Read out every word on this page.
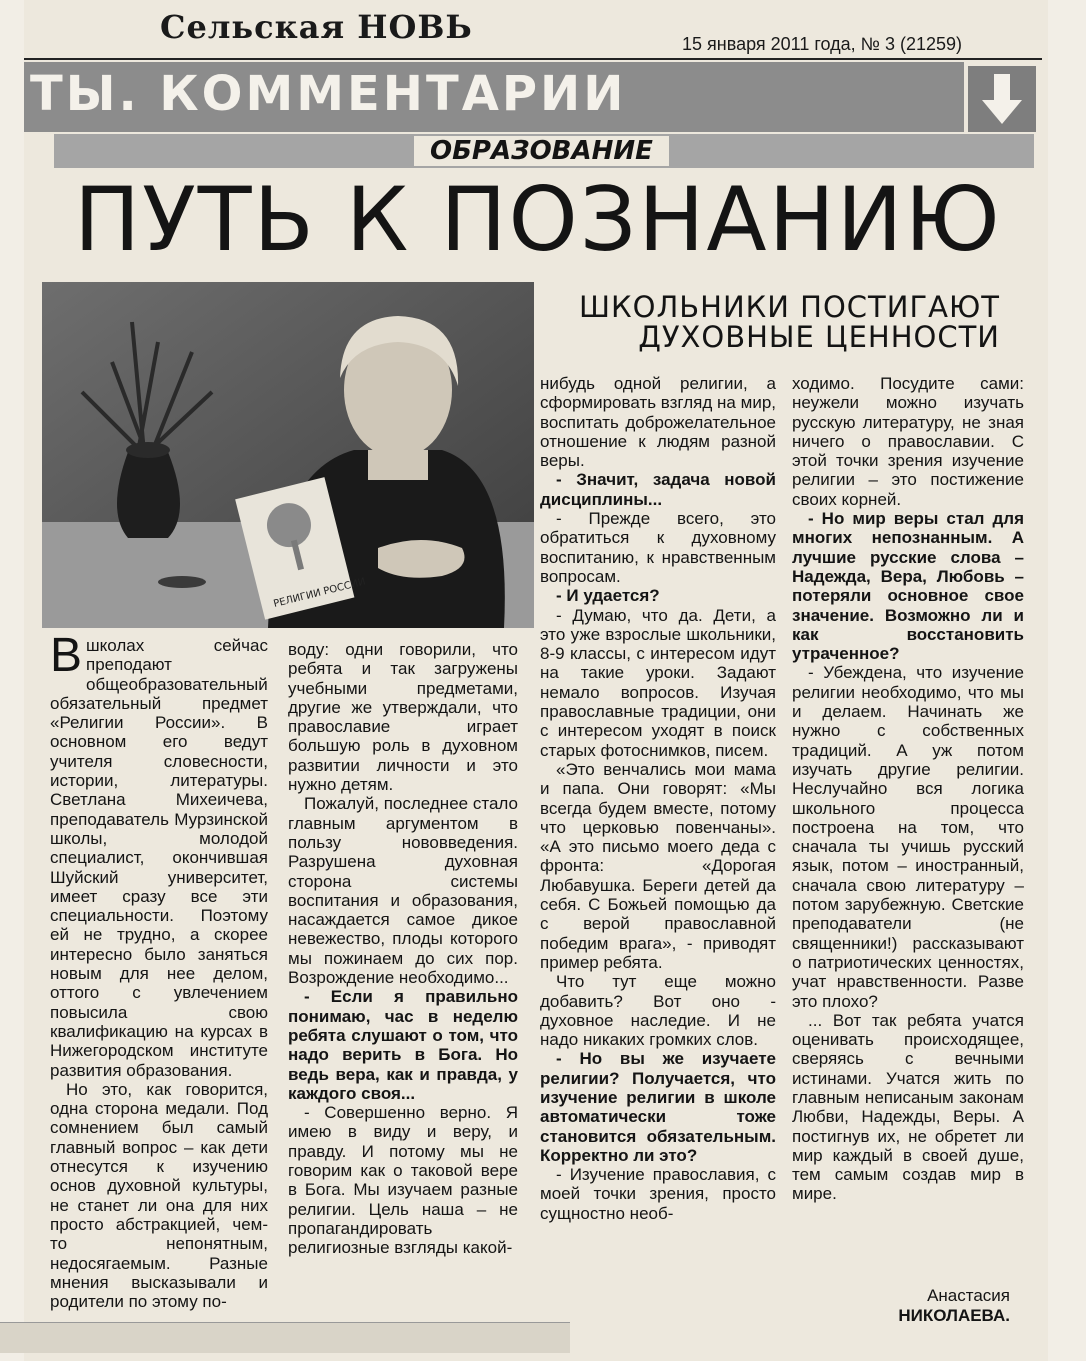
Сельская НОВЬ	15 января 2011 года, № 3 (21259)
ТЫ. КОММЕНТАРИИ
ОБРАЗОВАНИЕ
ПУТЬ К ПОЗНАНИЮ
РЕЛИГИИ РОССИИ
ШКОЛЬНИКИ ПОСТИГАЮТ
ДУХОВНЫЕ ЦЕННОСТИ

Вшколах сейчас преподают общеобразовательный обязательный предмет «Религии России». В основном его ведут учителя словесности, истории, литературы. Светлана Михеичева, преподаватель Мурзинской школы, молодой специалист, окончившая Шуйский университет, имеет сразу все эти специальности. Поэтому ей не трудно, а скорее интересно было заняться новым для нее делом, оттого с увлечением повысила свою квалификацию на курсах в Нижегородском институте развития образования.

Но это, как говорится, одна сторона медали. Под сомнением был самый главный вопрос – как дети отнесутся к изучению основ духовной культуры, не станет ли она для них просто абстракцией, чем-то непонятным, недосягаемым. Разные мнения высказывали и родители по этому по-

воду: одни говорили, что ребята и так загружены учебными предметами, другие же утверждали, что православие играет большую роль в духовном развитии личности и это нужно детям.

Пожалуй, последнее стало главным аргументом в пользу нововведения. Разрушена духовная сторона системы воспитания и образования, насаждается самое дикое невежество, плоды которого мы пожинаем до сих пор. Возрождение необходимо...

- Если я правильно понимаю, час в неделю ребята слушают о том, что надо верить в Бога. Но ведь вера, как и правда, у каждого своя...

- Совершенно верно. Я имею в виду и веру, и правду. И потому мы не говорим как о таковой вере в Бога. Мы изучаем разные религии. Цель наша – не пропагандировать религиозные взгляды какой-

нибудь одной религии, а сформировать взгляд на мир, воспитать доброжелательное отношение к людям разной веры.

- Значит, задача новой дисциплины...

- Прежде всего, это обратиться к духовному воспитанию, к нравственным вопросам.

- И удается?

- Думаю, что да. Дети, а это уже взрослые школьники, 8-9 классы, с интересом идут на такие уроки. Задают немало вопросов. Изучая православные традиции, они с интересом уходят в поиск старых фотоснимков, писем.

«Это венчались мои мама и папа. Они говорят: «Мы всегда будем вместе, потому что церковью повенчаны». «А это письмо моего деда с фронта: «Дорогая Любавушка. Береги детей да себя. С Божьей помощью да с верой православной победим врага», - приводят пример ребята.

Что тут еще можно добавить? Вот оно - духовное наследие. И не надо никаких громких слов.

- Но вы же изучаете религии? Получается, что изучение религии в школе автоматически тоже становится обязательным. Корректно ли это?

- Изучение православия, с моей точки зрения, просто сущностно необ-

ходимо. Посудите сами: неужели можно изучать русскую литературу, не зная ничего о православии. С этой точки зрения изучение религии – это постижение своих корней.

- Но мир веры стал для многих непознанным. А лучшие русские слова – Надежда, Вера, Любовь – потеряли основное свое значение. Возможно ли и как восстановить утраченное?

- Убеждена, что изучение религии необходимо, что мы и делаем. Начинать же нужно с собственных традиций. А уж потом изучать другие религии. Неслучайно вся логика школьного процесса построена на том, что сначала ты учишь русский язык, потом – иностранный, сначала свою литературу – потом зарубежную. Светские преподаватели (не священники!) рассказывают о патриотических ценностях, учат нравственности. Разве это плохо?

... Вот так ребята учатся оценивать происходящее, сверяясь с вечными истинами. Учатся жить по главным неписаным законам Любви, Надежды, Веры. А постигнув их, не обретет ли мир каждый в своей душе, тем самым создав мир в мире.

Анастасия
НИКОЛАЕВА.
